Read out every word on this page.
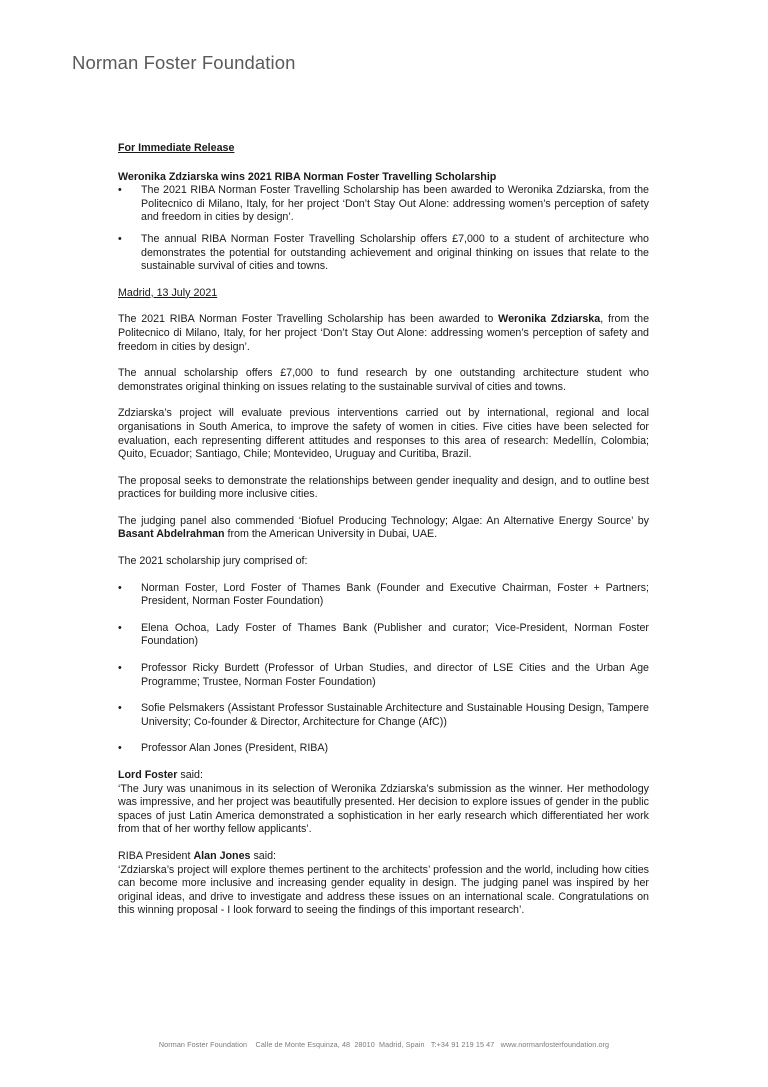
Norman Foster Foundation
For Immediate Release
Weronika Zdziarska wins 2021 RIBA Norman Foster Travelling Scholarship
• The 2021 RIBA Norman Foster Travelling Scholarship has been awarded to Weronika Zdziarska, from the Politecnico di Milano, Italy, for her project ‘Don’t Stay Out Alone: addressing women’s perception of safety and freedom in cities by design’.
• The annual RIBA Norman Foster Travelling Scholarship offers £7,000 to a student of architecture who demonstrates the potential for outstanding achievement and original thinking on issues that relate to the sustainable survival of cities and towns.
Madrid, 13 July 2021

The 2021 RIBA Norman Foster Travelling Scholarship has been awarded to Weronika Zdziarska, from the Politecnico di Milano, Italy, for her project ‘Don’t Stay Out Alone: addressing women’s perception of safety and freedom in cities by design’.

The annual scholarship offers £7,000 to fund research by one outstanding architecture student who demonstrates original thinking on issues relating to the sustainable survival of cities and towns.

Zdziarska’s project will evaluate previous interventions carried out by international, regional and local organisations in South America, to improve the safety of women in cities. Five cities have been selected for evaluation, each representing different attitudes and responses to this area of research: Medellín, Colombia; Quito, Ecuador; Santiago, Chile; Montevideo, Uruguay and Curitiba, Brazil.

The proposal seeks to demonstrate the relationships between gender inequality and design, and to outline best practices for building more inclusive cities.

The judging panel also commended ‘Biofuel Producing Technology; Algae: An Alternative Energy Source’ by Basant Abdelrahman from the American University in Dubai, UAE.

The 2021 scholarship jury comprised of:

• Norman Foster, Lord Foster of Thames Bank (Founder and Executive Chairman, Foster + Partners; President, Norman Foster Foundation)
• Elena Ochoa, Lady Foster of Thames Bank (Publisher and curator; Vice-President, Norman Foster Foundation)
• Professor Ricky Burdett (Professor of Urban Studies, and director of LSE Cities and the Urban Age Programme; Trustee, Norman Foster Foundation)
• Sofie Pelsmakers (Assistant Professor Sustainable Architecture and Sustainable Housing Design, Tampere University; Co-founder & Director, Architecture for Change (AfC))
• Professor Alan Jones (President, RIBA)
Lord Foster said:

‘The Jury was unanimous in its selection of Weronika Zdziarska’s submission as the winner. Her methodology was impressive, and her project was beautifully presented. Her decision to explore issues of gender in the public spaces of just Latin America demonstrated a sophistication in her early research which differentiated her work from that of her worthy fellow applicants’.

RIBA President Alan Jones said:

‘Zdziarska’s project will explore themes pertinent to the architects’ profession and the world, including how cities can become more inclusive and increasing gender equality in design. The judging panel was inspired by her original ideas, and drive to investigate and address these issues on an international scale. Congratulations on this winning proposal - I look forward to seeing the findings of this important research’.

Norman Foster Foundation    Calle de Monte Esquinza, 48  28010  Madrid, Spain   T:+34 91 219 15 47   www.normanfosterfoundation.org
